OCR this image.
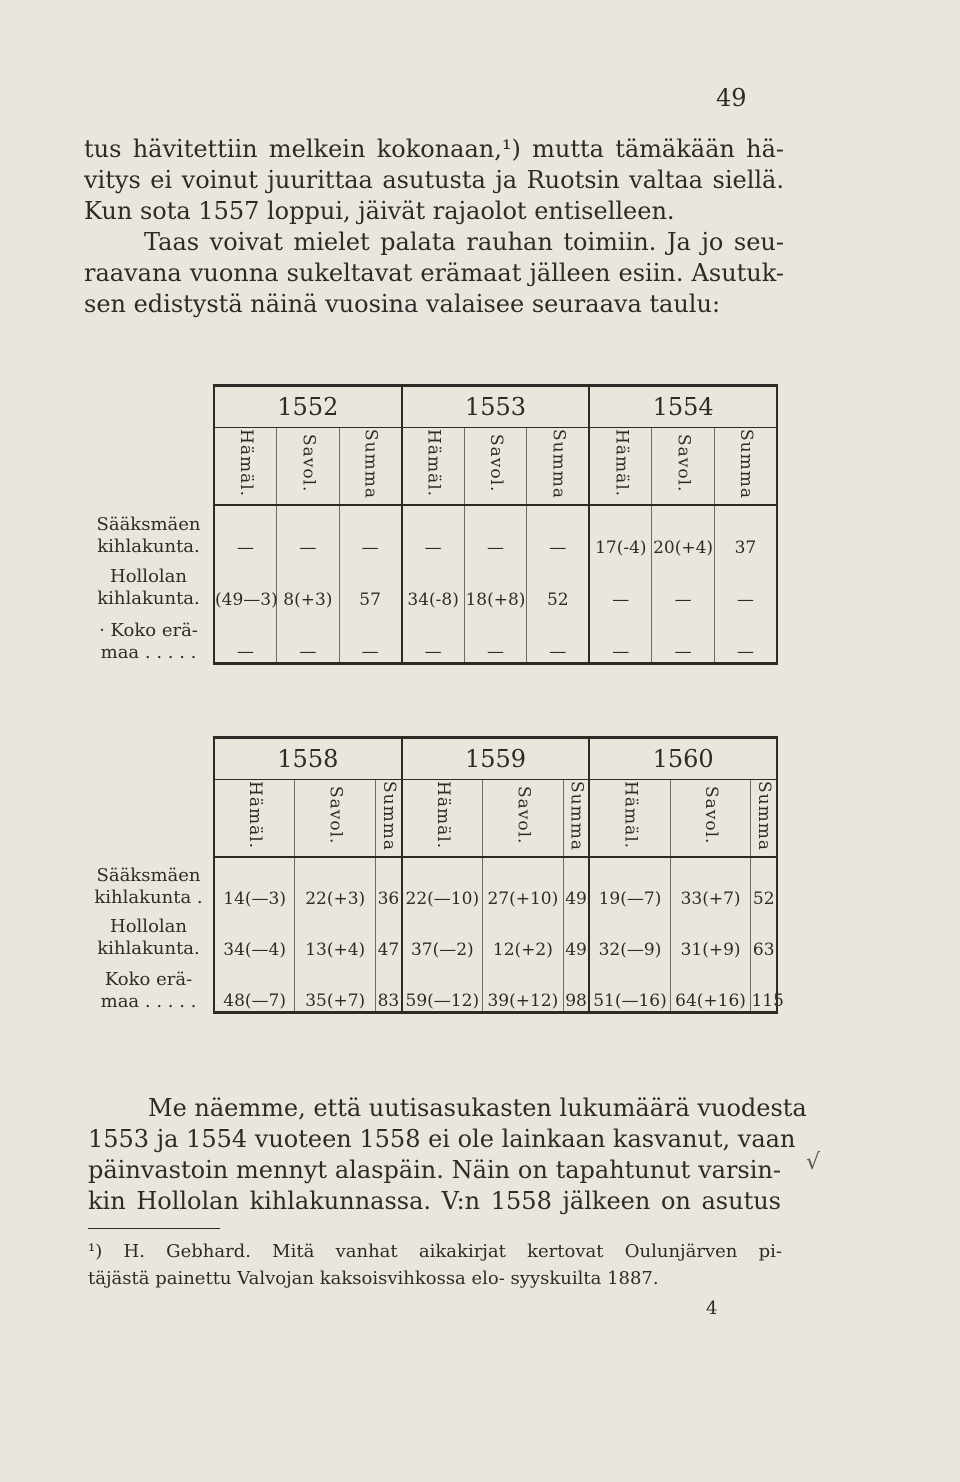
49

tus hävitettiin melkein kokonaan,¹) mutta tämäkään hä-
vitys ei voinut juurittaa asutusta ja Ruotsin valtaa siellä.
Kun sota 1557 loppui, jäivät rajaolot entiselleen.
Taas voivat mielet palata rauhan toimiin. Ja jo seu-
raavana vuonna sukeltavat erämaat jälleen esiin. Asutuk-
sen edistystä näinä vuosina valaisee seuraava taulu:

	1552			1553			1554		
	Hämäl.	Savol.	Summa	Hämäl.	Savol.	Summa	Hämäl.	Savol.	Summa
Sääksmäen
kihlakunta.	—	—	—	—	—	—	17(-4)	20(+4)	37
Hollolan
kihlakunta.	(49—3)	8(+3)	57	34(-8)	18(+8)	52	—	—	—
· Koko erä-
maa . . . . .	—	—	—	—	—	—	—	—	—
	1558			1559			1560		
	Hämäl.	Savol.	Summa	Hämäl.	Savol.	Summa	Hämäl.	Savol.	Summa
Sääksmäen
kihlakunta .	14(—3)	22(+3)	36	22(—10)	27(+10)	49	19(—7)	33(+7)	52
Hollolan
kihlakunta.	34(—4)	13(+4)	47	37(—2)	12(+2)	49	32(—9)	31(+9)	63
Koko erä-
maa . . . . .	48(—7)	35(+7)	83	59(—12)	39(+12)	98	51(—16)	64(+16)	115

Me näemme, että uutisasukasten lukumäärä vuodesta
1553 ja 1554 vuoteen 1558 ei ole lainkaan kasvanut, vaan
päinvastoin mennyt alaspäin. Näin on tapahtunut varsin-
kin Hollolan kihlakunnassa. V:n 1558 jälkeen on asutus

√
¹) H. Gebhard. Mitä vanhat aikakirjat kertovat Oulunjärven pi-
täjästä painettu Valvojan kaksoisvihkossa elo- syyskuilta 1887.
4
